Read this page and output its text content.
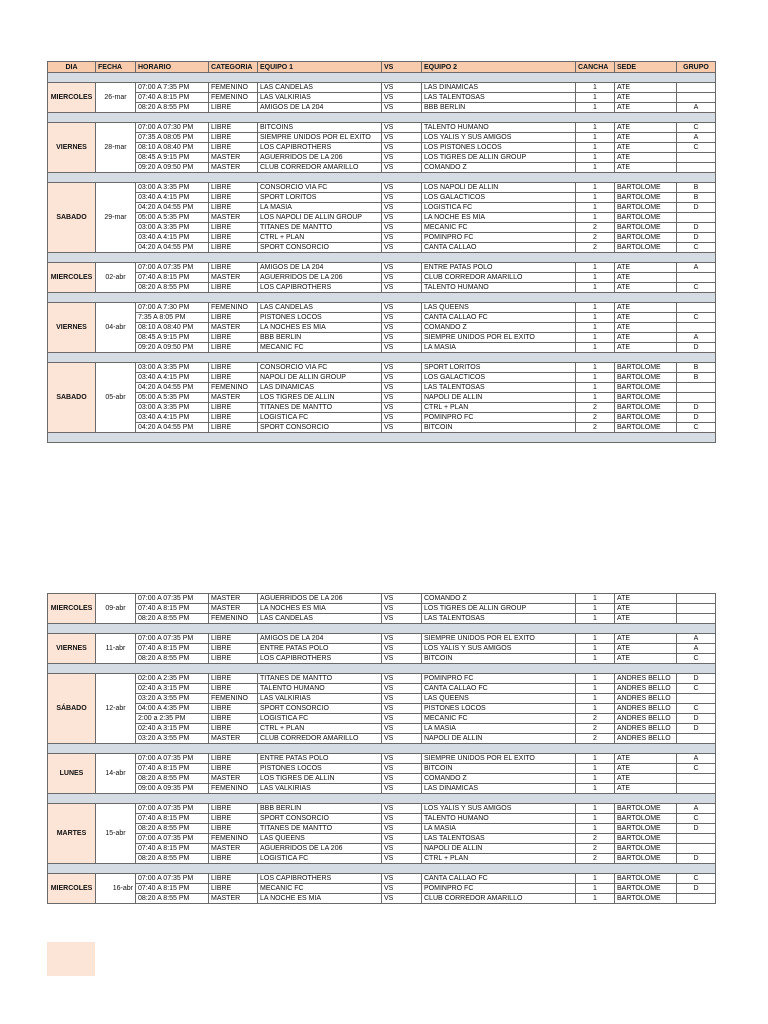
DIA	FECHA	HORARIO	CATEGORIA	EQUIPO 1	VS	EQUIPO 2	CANCHA	SEDE	GRUPO

MIERCOLES	26-mar	07:00 A 7:35 PM	FEMENINO	LAS CANDELAS	VS	LAS DINAMICAS	1	ATE	
		07:40 A 8:15 PM	FEMENINO	LAS VALKIRIAS	VS	LAS TALENTOSAS	1	ATE	
		08:20 A 8:55 PM	LIBRE	AMIGOS DE LA 204	VS	BBB BERLIN	1	ATE	A

VIERNES	28-mar	07:00 A 07:30 PM	LIBRE	BITCOINS	VS	TALENTO HUMANO	1	ATE	C
		07:35 A 08:05 PM	LIBRE	SIEMPRE UNIDOS POR EL EXITO	VS	LOS YALIS Y SUS AMIGOS	1	ATE	A
		08:10 A 08:40 PM	LIBRE	LOS CAPIBROTHERS	VS	LOS PISTONES LOCOS	1	ATE	C
		08:45 A 9:15 PM	MASTER	AGUERRIDOS DE LA 206	VS	LOS TIGRES DE ALLIN GROUP	1	ATE	
		09:20 A 09:50 PM	MASTER	CLUB CORREDOR AMARILLO	VS	COMANDO Z	1	ATE	

SABADO	29-mar	03:00 A 3:35 PM	LIBRE	CONSORCIO VIA FC	VS	LOS NAPOLI DE ALLIN	1	BARTOLOME	B
		03:40 A 4:15 PM	LIBRE	SPORT LORITOS	VS	LOS GALACTICOS	1	BARTOLOME	B
		04:20 A 04:55 PM	LIBRE	LA MASIA	VS	LOGISTICA FC	1	BARTOLOME	D
		05:00 A 5:35 PM	MASTER	LOS NAPOLI DE ALLIN GROUP	VS	LA NOCHE ES MIA	1	BARTOLOME	
		03:00 A 3:35 PM	LIBRE	TITANES DE MANTTO	VS	MECANIC FC	2	BARTOLOME	D
		03:40 A 4:15 PM	LIBRE	CTRL + PLAN	VS	POMINPRO FC	2	BARTOLOME	D
		04:20 A 04:55 PM	LIBRE	SPORT CONSORCIO	VS	CANTA CALLAO	2	BARTOLOME	C

MIERCOLES	02-abr	07:00 A 07:35 PM	LIBRE	AMIGOS DE LA 204	VS	ENTRE PATAS POLO	1	ATE	A
		07:40 A 8:15 PM	MASTER	AGUERRIDOS DE LA 206	VS	CLUB CORREDOR AMARILLO	1	ATE	
		08:20 A 8:55 PM	LIBRE	LOS CAPIBROTHERS	VS	TALENTO HUMANO	1	ATE	C

VIERNES	04-abr	07:00 A 7:30 PM	FEMENINO	LAS CANDELAS	VS	LAS QUEENS	1	ATE	
		7:35 A 8:05 PM	LIBRE	PISTONES LOCOS	VS	CANTA CALLAO FC	1	ATE	C
		08:10 A 08:40 PM	MASTER	LA NOCHES ES MIA	VS	COMANDO Z	1	ATE	
		08:45 A 9:15 PM	LIBRE	BBB BERLIN	VS	SIEMPRE UNIDOS POR EL EXITO	1	ATE	A
		09:20 A 09:50 PM	LIBRE	MECANIC FC	VS	LA MASIA	1	ATE	D

SABADO	05-abr	03:00 A 3:35 PM	LIBRE	CONSORCIO VIA FC	VS	SPORT LORITOS	1	BARTOLOME	B
		03:40 A 4:15 PM	LIBRE	NAPOLI DE ALLIN GROUP	VS	LOS GALACTICOS	1	BARTOLOME	B
		04:20 A 04:55 PM	FEMENINO	LAS DINAMICAS	VS	LAS TALENTOSAS	1	BARTOLOME	
		05:00 A 5:35 PM	MASTER	LOS TIGRES DE ALLIN	VS	NAPOLI DE ALLIN	1	BARTOLOME	
		03:00 A 3:35 PM	LIBRE	TITANES DE MANTTO	VS	CTRL + PLAN	2	BARTOLOME	D
		03:40 A 4:15 PM	LIBRE	LOGISTICA FC	VS	POMINPRO FC	2	BARTOLOME	D
		04:20 A 04:55 PM	LIBRE	SPORT CONSORCIO	VS	BITCOIN	2	BARTOLOME	C

MIERCOLES	09-abr	07:00 A 07:35 PM	MASTER	AGUERRIDOS DE LA 206	VS	COMANDO Z	1	ATE	
		07:40 A 8:15 PM	MASTER	LA NOCHES ES MIA	VS	LOS TIGRES DE ALLIN GROUP	1	ATE	
		08:20 A 8:55 PM	FEMENINO	LAS CANDELAS	VS	LAS TALENTOSAS	1	ATE	

VIERNES	11-abr	07:00 A 07:35 PM	LIBRE	AMIGOS DE LA 204	VS	SIEMPRE UNIDOS POR EL EXITO	1	ATE	A
		07:40 A 8:15 PM	LIBRE	ENTRE PATAS POLO	VS	LOS YALIS Y SUS AMIGOS	1	ATE	A
		08:20 A 8:55 PM	LIBRE	LOS CAPIBROTHERS	VS	BITCOIN	1	ATE	C

SÁBADO	12-abr	02:00 A 2:35 PM	LIBRE	TITANES DE MANTTO	VS	POMINPRO FC	1	ANDRES BELLO	D
		02:40 A 3:15 PM	LIBRE	TALENTO HUMANO	VS	CANTA CALLAO FC	1	ANDRES BELLO	C
		03:20 A 3:55 PM	FEMENINO	LAS VALKIRIAS	VS	LAS QUEENS	1	ANDRES BELLO	
		04:00 A 4:35 PM	LIBRE	SPORT CONSORCIO	VS	PISTONES LOCOS	1	ANDRES BELLO	C
		2:00 a 2:35 PM	LIBRE	LOGISTICA FC	VS	MECANIC FC	2	ANDRES BELLO	D
		02:40 A 3:15 PM	LIBRE	CTRL + PLAN	VS	LA MASIA	2	ANDRES BELLO	D
		03:20 A 3:55 PM	MASTER	CLUB CORREDOR AMARILLO	VS	NAPOLI DE ALLIN	2	ANDRES BELLO	

LUNES	14-abr	07:00 A 07:35 PM	LIBRE	ENTRE PATAS POLO	VS	SIEMPRE UNIDOS POR EL EXITO	1	ATE	A
		07:40 A 8:15 PM	LIBRE	PISTONES LOCOS	VS	BITCOIN	1	ATE	C
		08:20 A 8:55 PM	MASTER	LOS TIGRES DE ALLIN	VS	COMANDO Z	1	ATE	
		09:00 A 09:35 PM	FEMENINO	LAS VALKIRIAS	VS	LAS DINAMICAS	1	ATE	

MARTES	15-abr	07:00 A 07:35 PM	LIBRE	BBB BERLIN	VS	LOS YALIS Y SUS AMIGOS	1	BARTOLOME	A
		07:40 A 8:15 PM	LIBRE	SPORT CONSORCIO	VS	TALENTO HUMANO	1	BARTOLOME	C
		08:20 A 8:55 PM	LIBRE	TITANES DE MANTTO	VS	LA MASIA	1	BARTOLOME	D
		07:00 A 07:35 PM	FEMENINO	LAS QUEENS	VS	LAS TALENTOSAS	2	BARTOLOME	
		07:40 A 8:15 PM	MASTER	AGUERRIDOS DE LA 206	VS	NAPOLI DE ALLIN	2	BARTOLOME	
		08:20 A 8:55 PM	LIBRE	LOGISTICA FC	VS	CTRL + PLAN	2	BARTOLOME	D

MIERCOLES	16-abr	07:00 A 07:35 PM	LIBRE	LOS CAPIBROTHERS	VS	CANTA CALLAO FC	1	BARTOLOME	C
		07:40 A 8:15 PM	LIBRE	MECANIC FC	VS	POMINPRO FC	1	BARTOLOME	D
		08:20 A 8:55 PM	MASTER	LA NOCHE ES MIA	VS	CLUB CORREDOR AMARILLO	1	BARTOLOME	
